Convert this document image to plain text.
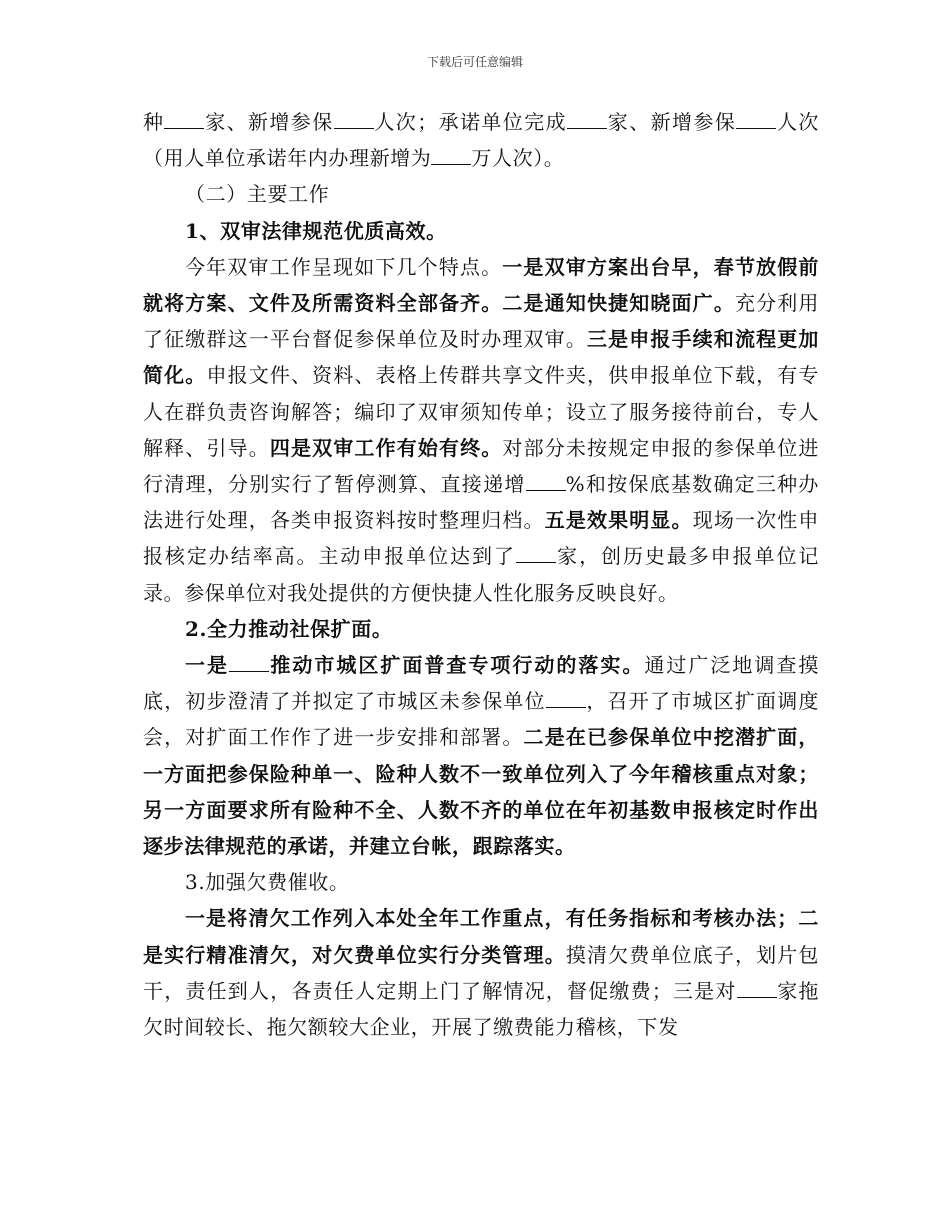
下载后可任意编辑

种 家、新增参保 人次；承诺单位完成 家、新增参保 人次（用人单位承诺年内办理新增为 万人次）。

（二）主要工作

1、双审法律规范优质高效。

今年双审工作呈现如下几个特点。一是双审方案出台早，春节放假前就将方案、文件及所需资料全部备齐。二是通知快捷知晓面广。充分利用了征缴群这一平台督促参保单位及时办理双审。三是申报手续和流程更加简化。申报文件、资料、表格上传群共享文件夹，供申报单位下载，有专人在群负责咨询解答；编印了双审须知传单；设立了服务接待前台，专人解释、引导。四是双审工作有始有终。对部分未按规定申报的参保单位进行清理，分别实行了暂停测算、直接递增 %和按保底基数确定三种办法进行处理，各类申报资料按时整理归档。五是效果明显。现场一次性申报核定办结率高。主动申报单位达到了 家，创历史最多申报单位记录。参保单位对我处提供的方便快捷人性化服务反映良好。

2.全力推动社保扩面。

一是 推动市城区扩面普查专项行动的落实。通过广泛地调查摸底，初步澄清了并拟定了市城区未参保单位 ，召开了市城区扩面调度会，对扩面工作作了进一步安排和部署。二是在已参保单位中挖潜扩面，一方面把参保险种单一、险种人数不一致单位列入了今年稽核重点对象；另一方面要求所有险种不全、人数不齐的单位在年初基数申报核定时作出逐步法律规范的承诺，并建立台帐，跟踪落实。

3.加强欠费催收。

一是将清欠工作列入本处全年工作重点，有任务指标和考核办法；二是实行精准清欠，对欠费单位实行分类管理。摸清欠费单位底子，划片包干，责任到人，各责任人定期上门了解情况，督促缴费；三是对 家拖欠时间较长、拖欠额较大企业，开展了缴费能力稽核，下发
